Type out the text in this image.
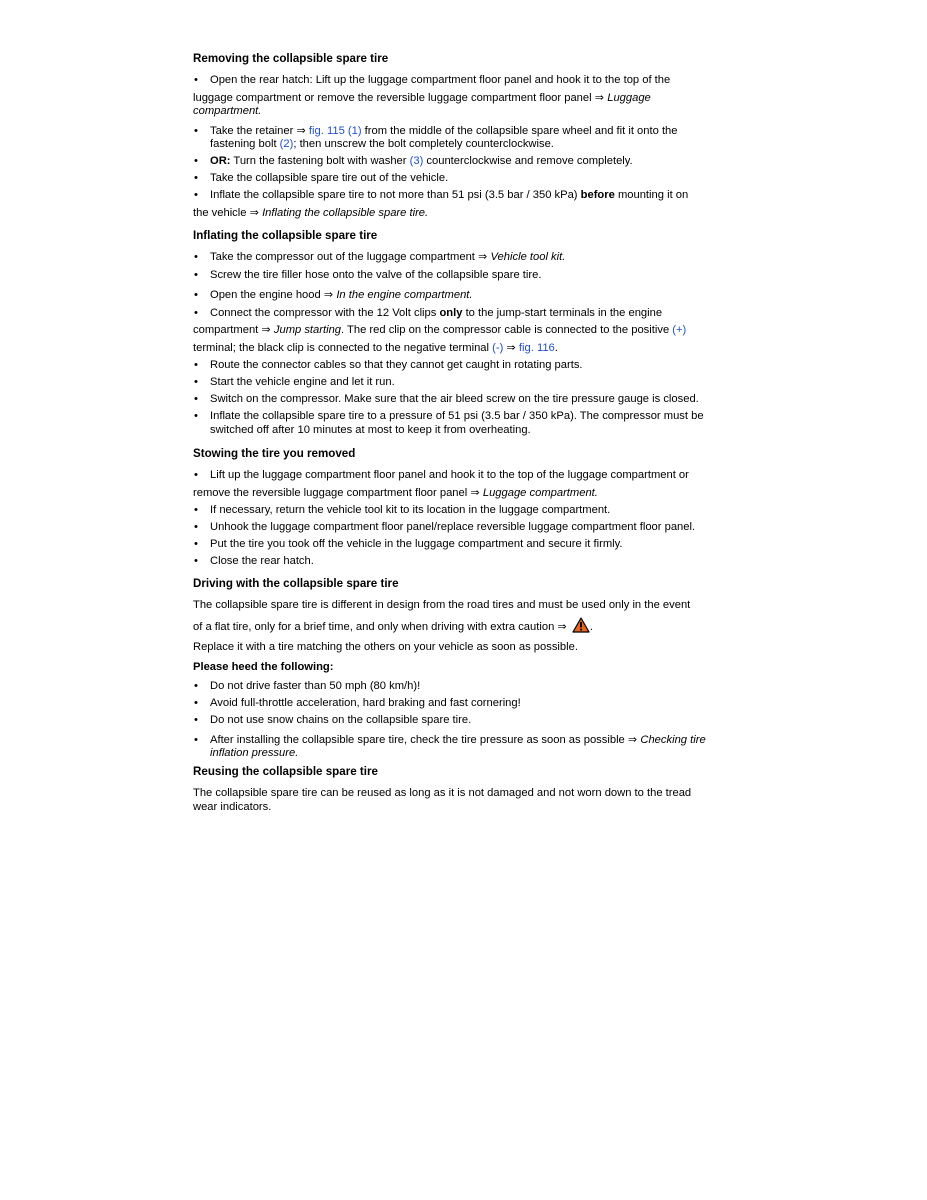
Removing the collapsible spare tire
• Open the rear hatch: Lift up the luggage compartment floor panel and hook it to the top of the
luggage compartment or remove the reversible luggage compartment floor panel ⇒ Luggage compartment.
• Take the retainer ⇒ fig. 115 (1) from the middle of the collapsible spare wheel and fit it onto the fastening bolt (2); then unscrew the bolt completely counterclockwise.
• OR: Turn the fastening bolt with washer (3) counterclockwise and remove completely.
• Take the collapsible spare tire out of the vehicle.
• Inflate the collapsible spare tire to not more than 51 psi (3.5 bar / 350 kPa) before mounting it on
the vehicle ⇒ Inflating the collapsible spare tire.
Inflating the collapsible spare tire
• Take the compressor out of the luggage compartment ⇒ Vehicle tool kit.
• Screw the tire filler hose onto the valve of the collapsible spare tire.
• Open the engine hood ⇒ In the engine compartment.
• Connect the compressor with the 12 Volt clips only to the jump-start terminals in the engine
compartment ⇒ Jump starting. The red clip on the compressor cable is connected to the positive (+)
terminal; the black clip is connected to the negative terminal (-) ⇒ fig. 116.
• Route the connector cables so that they cannot get caught in rotating parts.
• Start the vehicle engine and let it run.
• Switch on the compressor. Make sure that the air bleed screw on the tire pressure gauge is closed.
• Inflate the collapsible spare tire to a pressure of 51 psi (3.5 bar / 350 kPa). The compressor must be switched off after 10 minutes at most to keep it from overheating.
Stowing the tire you removed
• Lift up the luggage compartment floor panel and hook it to the top of the luggage compartment or
remove the reversible luggage compartment floor panel ⇒ Luggage compartment.
• If necessary, return the vehicle tool kit to its location in the luggage compartment.
• Unhook the luggage compartment floor panel/replace reversible luggage compartment floor panel.
• Put the tire you took off the vehicle in the luggage compartment and secure it firmly.
• Close the rear hatch.
Driving with the collapsible spare tire

The collapsible spare tire is different in design from the road tires and must be used only in the event

of a flat tire, only for a brief time, and only when driving with extra caution ⇒ .

Replace it with a tire matching the others on your vehicle as soon as possible.

Please heed the following:

• Do not drive faster than 50 mph (80 km/h)!
• Avoid full-throttle acceleration, hard braking and fast cornering!
• Do not use snow chains on the collapsible spare tire.
• After installing the collapsible spare tire, check the tire pressure as soon as possible ⇒ Checking tire inflation pressure.
Reusing the collapsible spare tire

The collapsible spare tire can be reused as long as it is not damaged and not worn down to the tread wear indicators.
